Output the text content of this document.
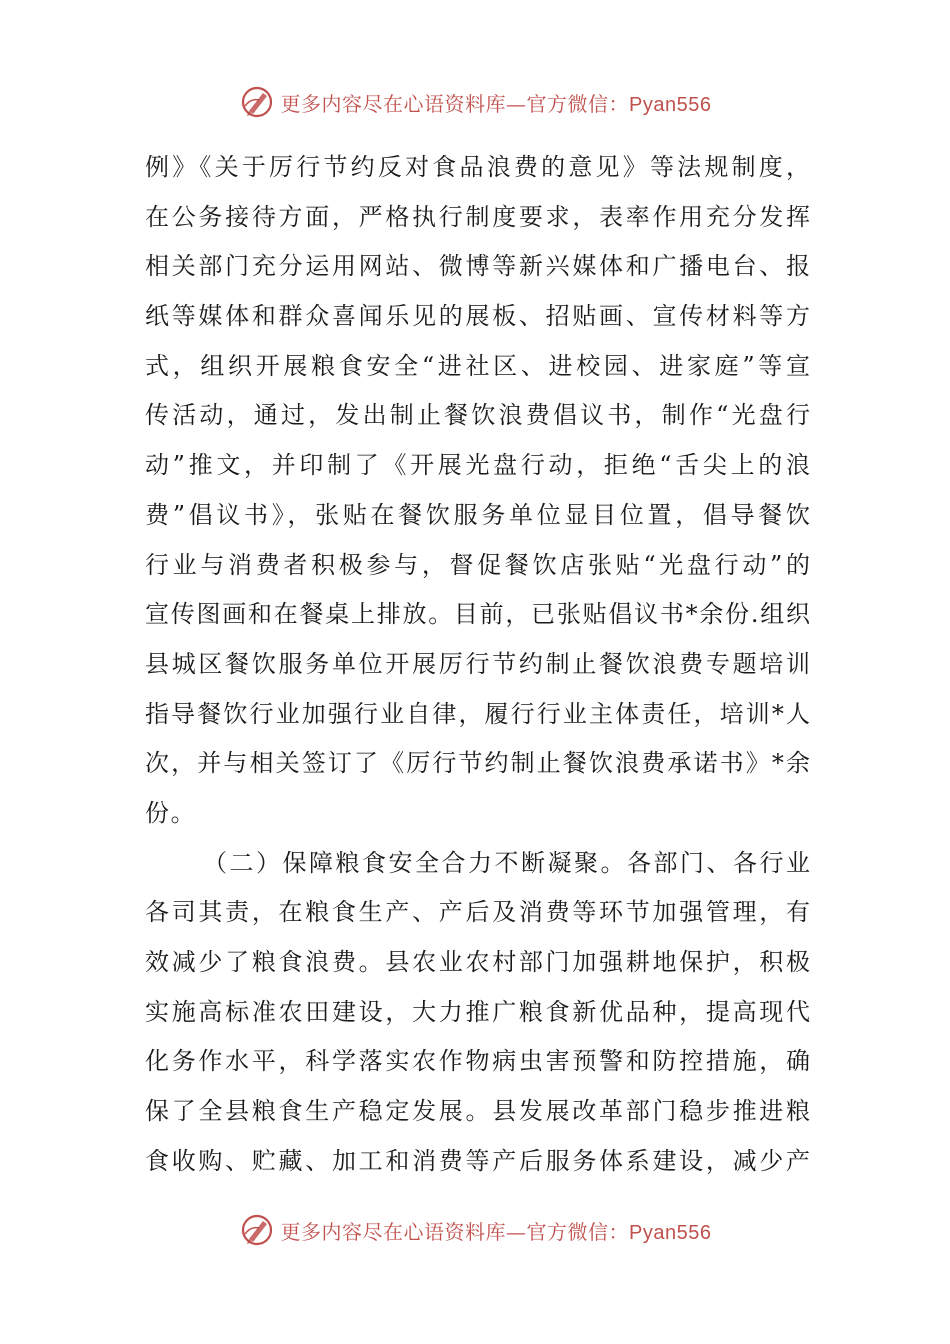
更多内容尽在心语资料库—官方微信：Pyan556
例》《关于厉行节约反对食品浪费的意见》等法规制度，
在公务接待方面，严格执行制度要求，表率作用充分发挥
相关部门充分运用网站、微博等新兴媒体和广播电台、报
纸等媒体和群众喜闻乐见的展板、招贴画、宣传材料等方
式，组织开展粮食安全“进社区、进校园、进家庭”等宣
传活动，通过，发出制止餐饮浪费倡议书，制作“光盘行
动”推文，并印制了《开展光盘行动，拒绝“舌尖上的浪
费”倡议书》，张贴在餐饮服务单位显目位置，倡导餐饮
行业与消费者积极参与，督促餐饮店张贴“光盘行动”的
宣传图画和在餐桌上排放。目前，已张贴倡议书*余份.组织
县城区餐饮服务单位开展厉行节约制止餐饮浪费专题培训
指导餐饮行业加强行业自律，履行行业主体责任，培训*人
次，并与相关签订了《厉行节约制止餐饮浪费承诺书》*余
份。
（二）保障粮食安全合力不断凝聚。各部门、各行业
各司其责，在粮食生产、产后及消费等环节加强管理，有
效减少了粮食浪费。县农业农村部门加强耕地保护，积极
实施高标准农田建设，大力推广粮食新优品种，提高现代
化务作水平，科学落实农作物病虫害预警和防控措施，确
保了全县粮食生产稳定发展。县发展改革部门稳步推进粮
食收购、贮藏、加工和消费等产后服务体系建设，减少产
更多内容尽在心语资料库—官方微信：Pyan556
